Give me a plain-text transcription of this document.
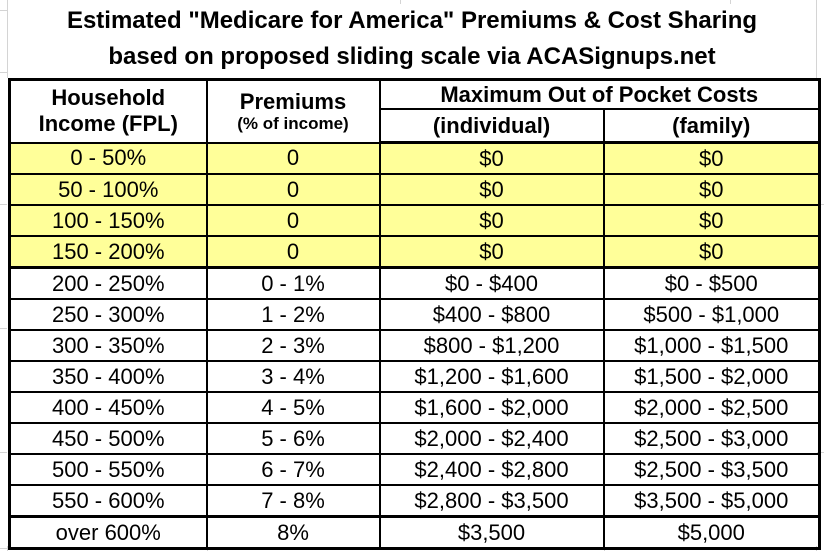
Estimated "Medicare for America" Premiums & Cost Sharing
based on proposed sliding scale via ACASignups.net
Household
Income (FPL)

Premiums
(% of income)
	Maximum Out of Pocket Costs
		(individual)	(family)
0 - 50%	0	$0	$0
50 - 100%	0	$0	$0
100 - 150%	0	$0	$0
150 - 200%	0	$0	$0
200 - 250%	0 - 1%	$0 - $400	$0 - $500
250 - 300%	1 - 2%	$400 - $800	$500 - $1,000
300 - 350%	2 - 3%	$800 - $1,200	$1,000 - $1,500
350 - 400%	3 - 4%	$1,200 - $1,600	$1,500 - $2,000
400 - 450%	4 - 5%	$1,600 - $2,000	$2,000 - $2,500
450 - 500%	5 - 6%	$2,000 - $2,400	$2,500 - $3,000
500 - 550%	6 - 7%	$2,400 - $2,800	$2,500 - $3,500
550 - 600%	7 - 8%	$2,800 - $3,500	$3,500 - $5,000
over 600%	8%	$3,500	$5,000
